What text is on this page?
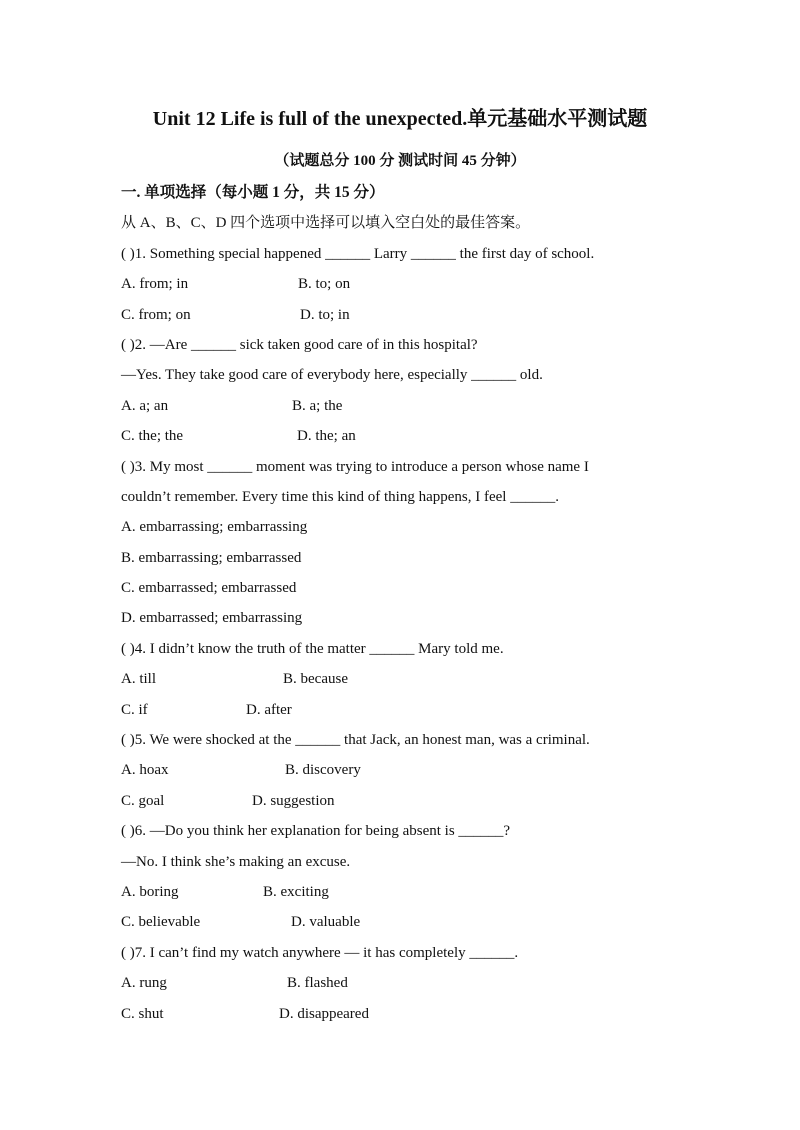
Unit 12 Life is full of the unexpected.单元基础水平测试题
（试题总分 100 分 测试时间 45 分钟）
一. 单项选择（每小题 1 分，共 15 分）
从 A、B、C、D 四个选项中选择可以填入空白处的最佳答案。
( )1. Something special happened ______ Larry ______ the first day of school.
A. from; in	B. to; on
C. from; on	D. to; in
( )2. —Are ______ sick taken good care of in this hospital?
—Yes. They take good care of everybody here, especially ______ old.
A. a; an	B. a; the
C. the; the	D. the; an
( )3. My most ______ moment was trying to introduce a person whose name I
couldn’t remember. Every time this kind of thing happens, I feel ______.
A. embarrassing; embarrassing
B. embarrassing; embarrassed
C. embarrassed; embarrassed
D. embarrassed; embarrassing
( )4. I didn’t know the truth of the matter ______ Mary told me.
A. till	B. because
C. if	D. after
( )5. We were shocked at the ______ that Jack, an honest man, was a criminal.
A. hoax	B. discovery
C. goal	D. suggestion
( )6. —Do you think her explanation for being absent is ______?
—No. I think she’s making an excuse.
A. boring	B. exciting
C. believable	D. valuable
( )7. I can’t find my watch anywhere — it has completely ______.
A. rung	B. flashed
C. shut	D. disappeared
